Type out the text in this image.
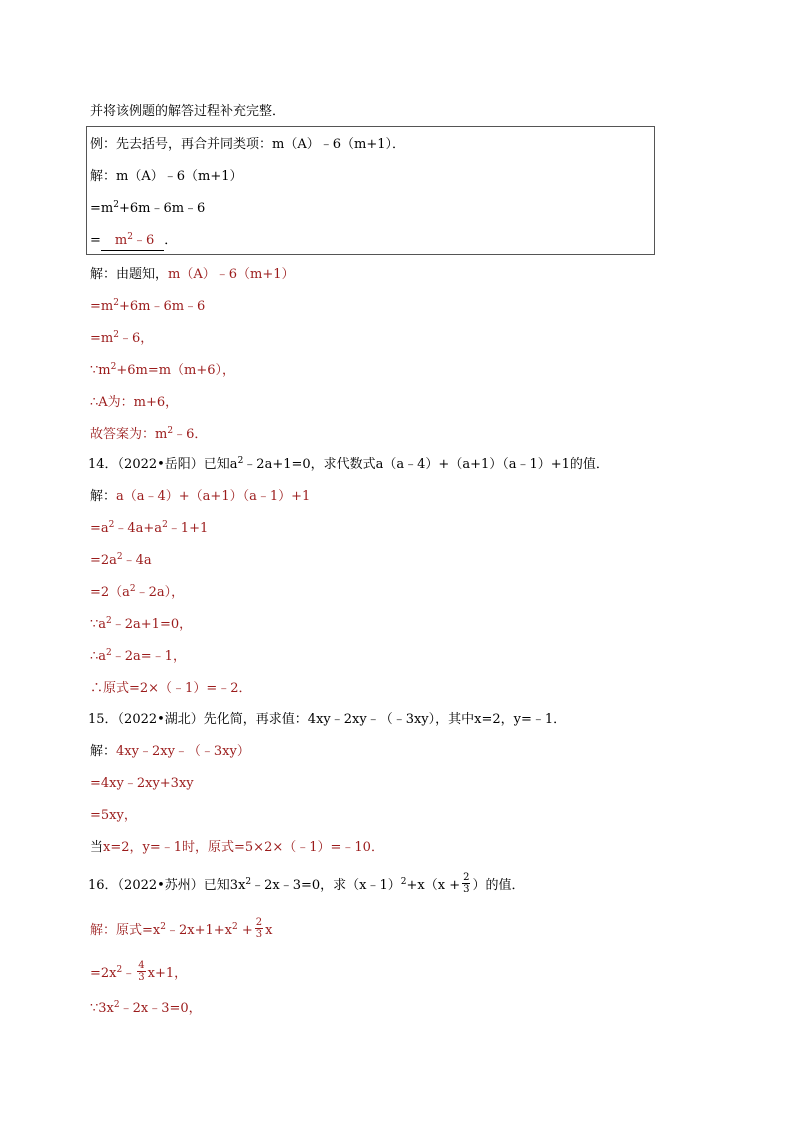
并将该例题的解答过程补充完整．
例：先去括号，再合并同类项：m（A）﹣6（m+1）．
解：m（A）﹣6（m+1）
$=m^2+6m﹣6m﹣6$
= $m^2﹣6$ ．
解：由题知，m（A）﹣6（m+1）
$=m^2+6m﹣6m﹣6$
$=m^2﹣6$，
$\because m^2+6m=m(m+6)$，
∴A为：m+6，
故答案为：$m^2﹣6$．
14．（2022•岳阳）已知$a^2﹣2a+1=0$，求代数式a（a﹣4）+（a+1）（a﹣1）+1的值．
解：a（a﹣4）+（a+1）（a﹣1）+1
$=a^2﹣4a+a^2﹣1+1$
$=2a^2﹣4a$
$=2(a^2﹣2a)$，
$\because a^2﹣2a+1=0$，
$\therefore a^2﹣2a=﹣1$，
∴原式=2×（﹣1）=﹣2．
15．（2022•湖北）先化简，再求值：4xy﹣2xy﹣（﹣3xy），其中x=2，y=﹣1．
解：4xy﹣2xy﹣（﹣3xy）
=4xy﹣2xy+3xy
=5xy，
当x=2，y=﹣1时，原式=5×2×（﹣1）=﹣10．
16．（2022•苏州）已知$3x^2﹣2x﹣3=0$，求（x﹣1）$^2$+x（x + $\frac{2}{3}$ ）的值．
解：原式$=x^2﹣2x+1+x^2 + \frac{2}{3}$ x
$=2x^2﹣ \frac{4}{3} x+1$，
$\because 3x^2﹣2x﹣3=0$，
